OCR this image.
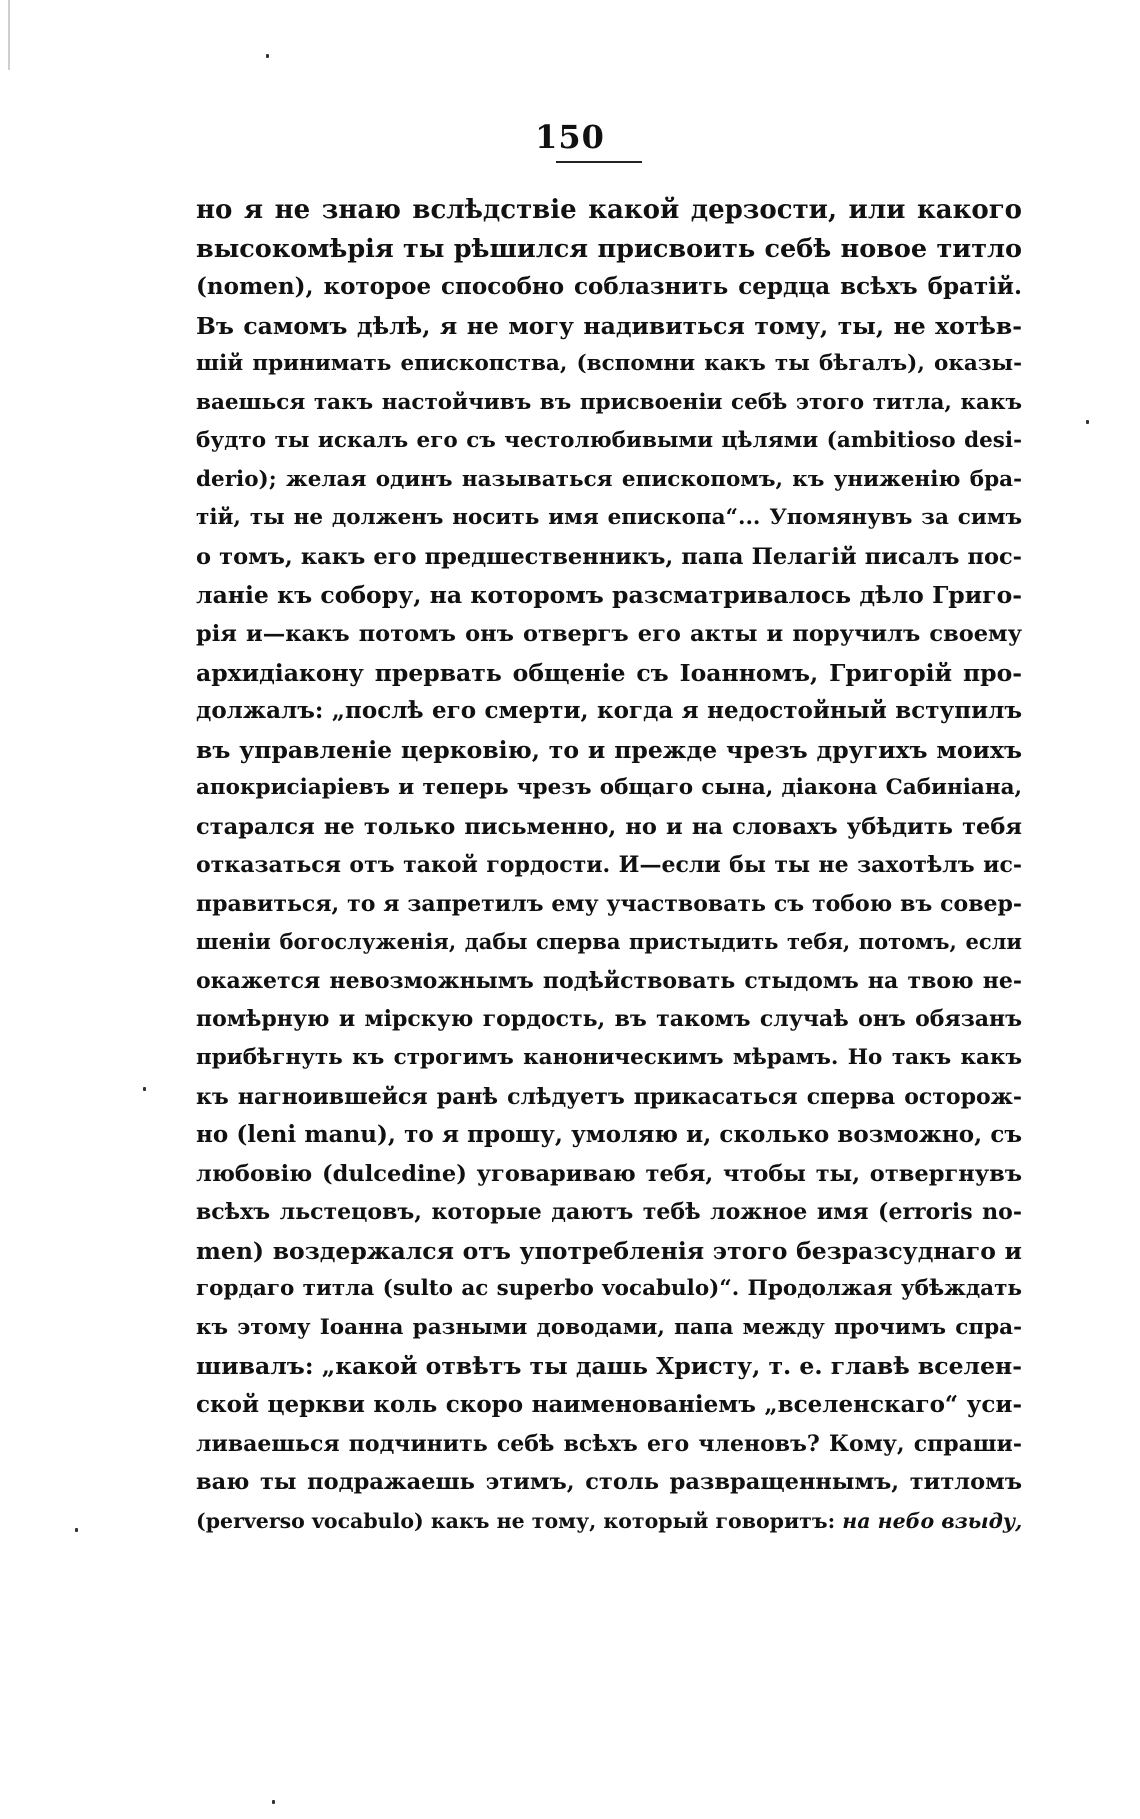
150
но я не знаю вслѣдствіе какой дерзости, или какого
высокомѣрія ты рѣшился присвоить себѣ новое титло
(nomen), которое способно соблазнить сердца всѣхъ братій.
Въ самомъ дѣлѣ, я не могу надивиться тому, ты, не хотѣв-
шій принимать епископства, (вспомни какъ ты бѣгалъ), оказы-
ваешься такъ настойчивъ въ присвоеніи себѣ этого титла, какъ
будто ты искалъ его съ честолюбивыми цѣлями (ambitioso desi-
derio); желая одинъ называться епископомъ, къ униженію бра-
тій, ты не долженъ носить имя епископа“... Упомянувъ за симъ
о томъ, какъ его предшественникъ, папа Пелагій писалъ пос-
ланіе къ собору, на которомъ разсматривалось дѣло Григо-
рія и—какъ потомъ онъ отвергъ его акты и поручилъ своему
архидіакону прервать общеніе съ Іоанномъ, Григорій про-
должалъ: „послѣ его смерти, когда я недостойный вступилъ
въ управленіе церковію, то и прежде чрезъ другихъ моихъ
апокрисіаріевъ и теперь чрезъ общаго сына, діакона Сабиніана,
старался не только письменно, но и на словахъ убѣдить тебя
отказаться отъ такой гордости. И—если бы ты не захотѣлъ ис-
правиться, то я запретилъ ему участвовать съ тобою въ совер-
шеніи богослуженія, дабы сперва пристыдить тебя, потомъ, если
окажется невозможнымъ подѣйствовать стыдомъ на твою не-
помѣрную и мірскую гордость, въ такомъ случаѣ онъ обязанъ
прибѣгнуть къ строгимъ каноническимъ мѣрамъ. Но такъ какъ
къ нагноившейся ранѣ слѣдуетъ прикасаться сперва осторож-
но (leni manu), то я прошу, умоляю и, сколько возможно, съ
любовію (dulcedine) уговариваю тебя, чтобы ты, отвергнувъ
всѣхъ льстецовъ, которые даютъ тебѣ ложное имя (erroris no-
men) воздержался отъ употребленія этого безразсуднаго и
гордаго титла (sulto ac superbo vocabulo)“. Продолжая убѣждать
къ этому Іоанна разными доводами, папа между прочимъ спра-
шивалъ: „какой отвѣтъ ты дашь Христу, т. е. главѣ вселен-
ской церкви коль скоро наименованіемъ „вселенскаго“ уси-
ливаешься подчинить себѣ всѣхъ его членовъ? Кому, спраши-
ваю ты подражаешь этимъ, столь развращеннымъ, титломъ
(perverso vocabulo) какъ не тому, который говоритъ: на небо взыду,
